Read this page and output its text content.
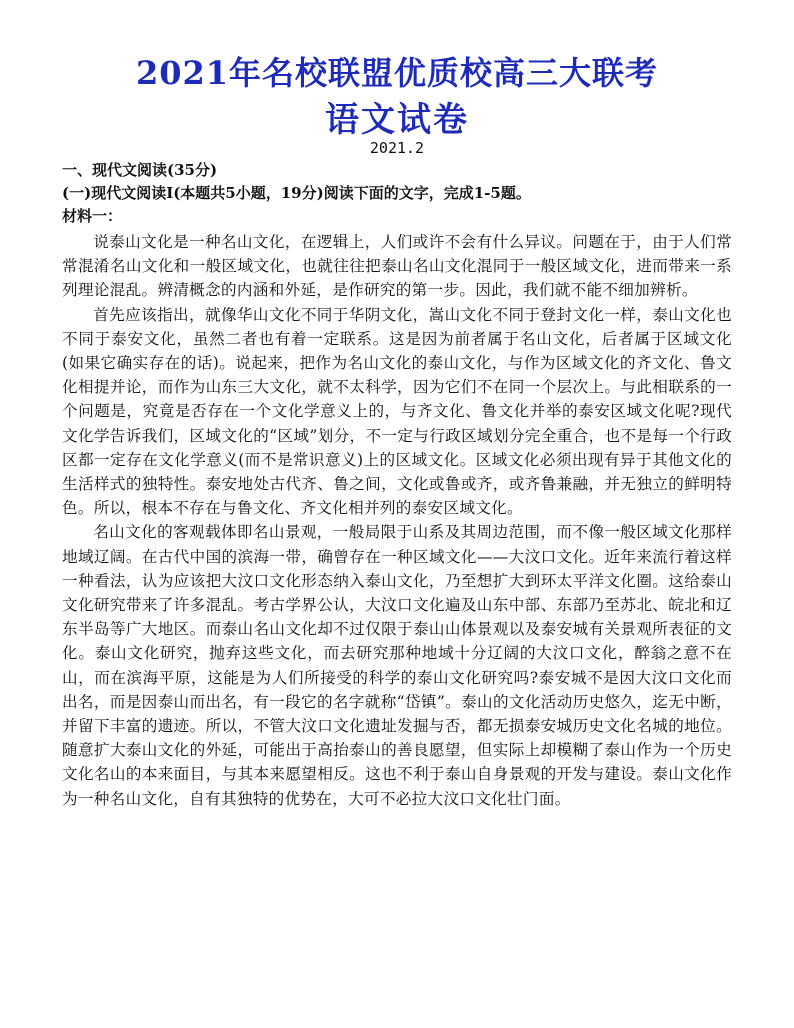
2021年名校联盟优质校高三大联考
语文试卷
2021.2
一、现代文阅读(35分)
(一)现代文阅读Ⅰ(本题共5小题，19分)阅读下面的文字，完成1-5题。
材料一：

说泰山文化是一种名山文化，在逻辑上，人们或许不会有什么异议。问题在于，由于人们常常混淆名山文化和一般区域文化，也就往往把泰山名山文化混同于一般区域文化，进而带来一系列理论混乱。辨清概念的内涵和外延，是作研究的第一步。因此，我们就不能不细加辨析。

首先应该指出，就像华山文化不同于华阴文化，嵩山文化不同于登封文化一样，泰山文化也不同于泰安文化，虽然二者也有着一定联系。这是因为前者属于名山文化，后者属于区域文化(如果它确实存在的话)。说起来，把作为名山文化的泰山文化，与作为区域文化的齐文化、鲁文化相提并论，而作为山东三大文化，就不太科学，因为它们不在同一个层次上。与此相联系的一个问题是，究竟是否存在一个文化学意义上的，与齐文化、鲁文化并举的泰安区域文化呢?现代文化学告诉我们，区域文化的“区域”划分，不一定与行政区域划分完全重合，也不是每一个行政区都一定存在文化学意义(而不是常识意义)上的区域文化。区域文化必须出现有异于其他文化的生活样式的独特性。泰安地处古代齐、鲁之间，文化或鲁或齐，或齐鲁兼融，并无独立的鲜明特色。所以，根本不存在与鲁文化、齐文化相并列的泰安区域文化。

名山文化的客观载体即名山景观，一般局限于山系及其周边范围，而不像一般区域文化那样地域辽阔。在古代中国的滨海一带，确曾存在一种区域文化——大汶口文化。近年来流行着这样一种看法，认为应该把大汶口文化形态纳入泰山文化，乃至想扩大到环太平洋文化圈。这给泰山文化研究带来了许多混乱。考古学界公认，大汶口文化遍及山东中部、东部乃至苏北、皖北和辽东半岛等广大地区。而泰山名山文化却不过仅限于泰山山体景观以及泰安城有关景观所表征的文化。泰山文化研究，抛弃这些文化，而去研究那种地域十分辽阔的大汶口文化，醉翁之意不在山，而在滨海平原，这能是为人们所接受的科学的泰山文化研究吗?泰安城不是因大汶口文化而出名，而是因泰山而出名，有一段它的名字就称“岱镇”。泰山的文化活动历史悠久，迄无中断，并留下丰富的遗迹。所以，不管大汶口文化遗址发掘与否，都无损泰安城历史文化名城的地位。随意扩大泰山文化的外延，可能出于高抬泰山的善良愿望，但实际上却模糊了泰山作为一个历史文化名山的本来面目，与其本来愿望相反。这也不利于泰山自身景观的开发与建设。泰山文化作为一种名山文化，自有其独特的优势在，大可不必拉大汶口文化壮门面。
